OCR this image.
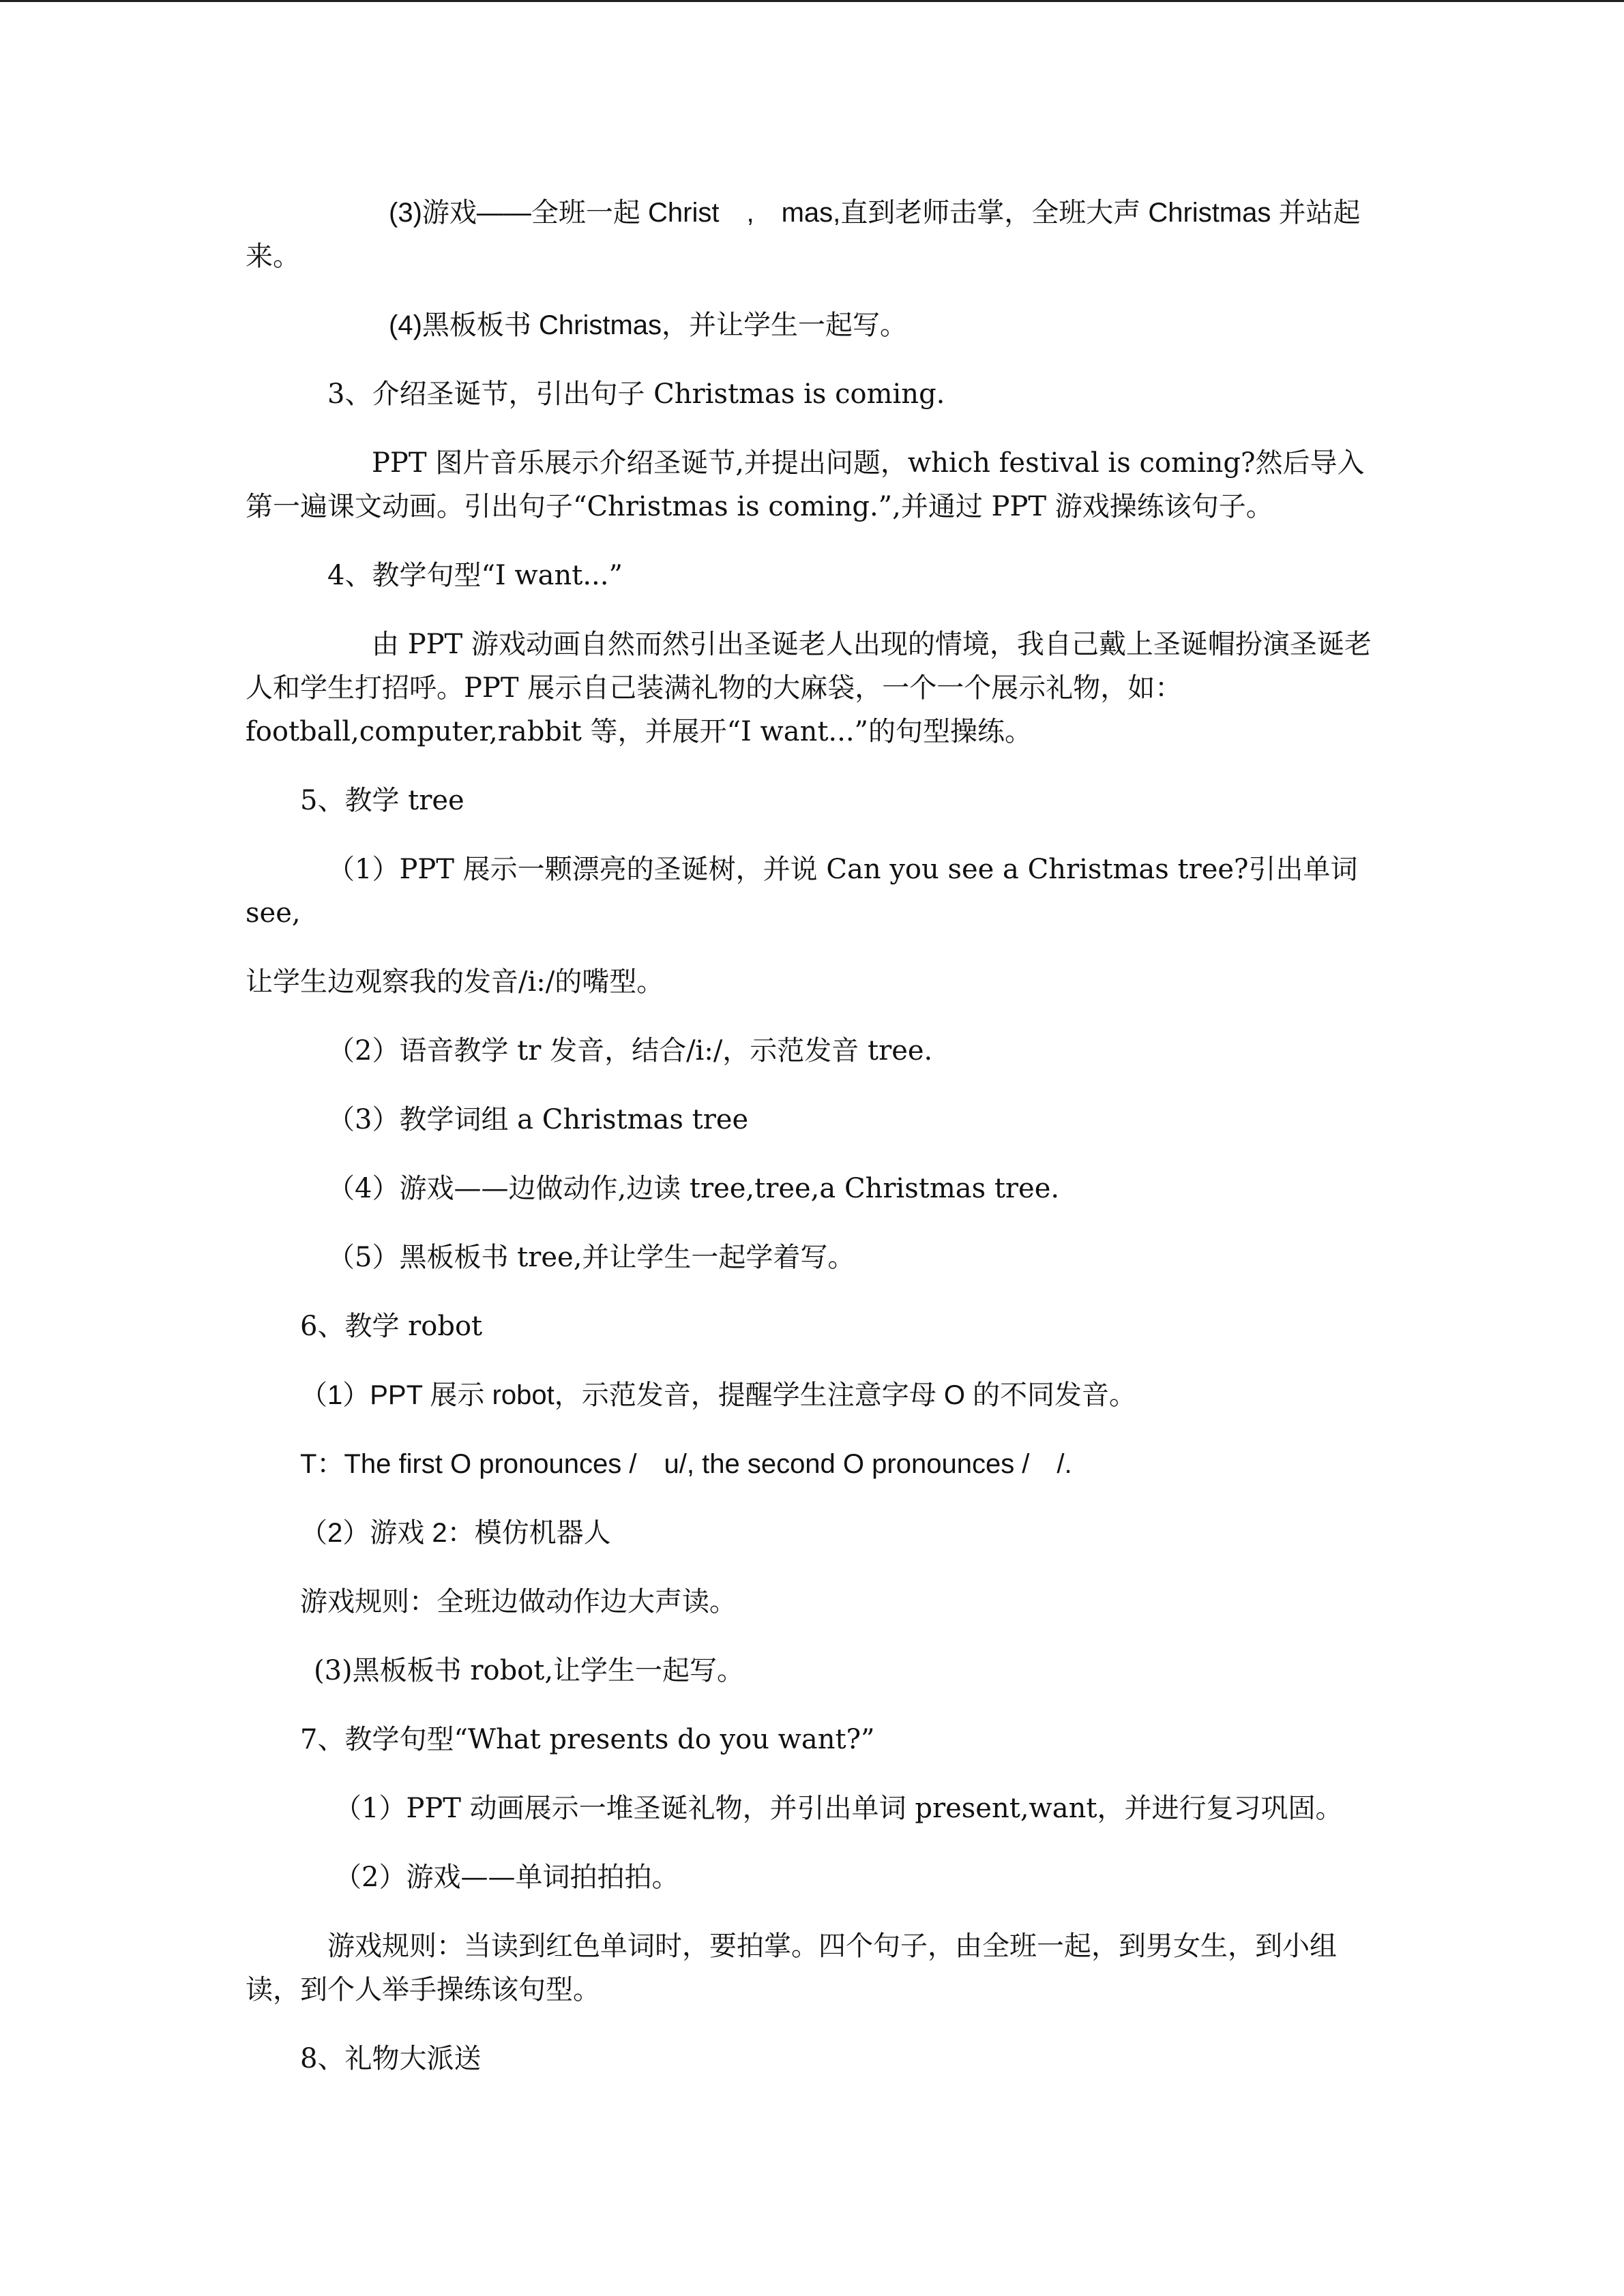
(3)游戏——全班一起 Christ　,　mas,直到老师击掌，全班大声 Christmas 并站起来。

(4)黑板板书 Christmas，并让学生一起写。

3、介绍圣诞节，引出句子 Christmas is coming.

PPT 图片音乐展示介绍圣诞节,并提出问题，which festival is coming?然后导入第一遍课文动画。引出句子“Christmas is coming.”,并通过 PPT 游戏操练该句子。

4、教学句型“I want...”

由 PPT 游戏动画自然而然引出圣诞老人出现的情境，我自己戴上圣诞帽扮演圣诞老人和学生打招呼。PPT 展示自己装满礼物的大麻袋，一个一个展示礼物，如：football,computer,rabbit 等，并展开“I want...”的句型操练。

5、教学 tree

（1）PPT 展示一颗漂亮的圣诞树，并说 Can you see a Christmas tree?引出单词 see,

让学生边观察我的发音/i:/的嘴型。

（2）语音教学 tr 发音，结合/i:/，示范发音 tree.

（3）教学词组 a Christmas tree

（4）游戏——边做动作,边读 tree,tree,a Christmas tree.

（5）黑板板书 tree,并让学生一起学着写。

6、教学 robot

（1）PPT 展示 robot，示范发音，提醒学生注意字母 O 的不同发音。

T：The first O pronounces /　u/, the second O pronounces /　/.

（2）游戏 2：模仿机器人

游戏规则：全班边做动作边大声读。

(3)黑板板书 robot,让学生一起写。

7、教学句型“What presents do you want?”

（1）PPT 动画展示一堆圣诞礼物，并引出单词 present,want，并进行复习巩固。

（2）游戏——单词拍拍拍。

游戏规则：当读到红色单词时，要拍掌。四个句子，由全班一起，到男女生，到小组读，到个人举手操练该句型。

8、礼物大派送
